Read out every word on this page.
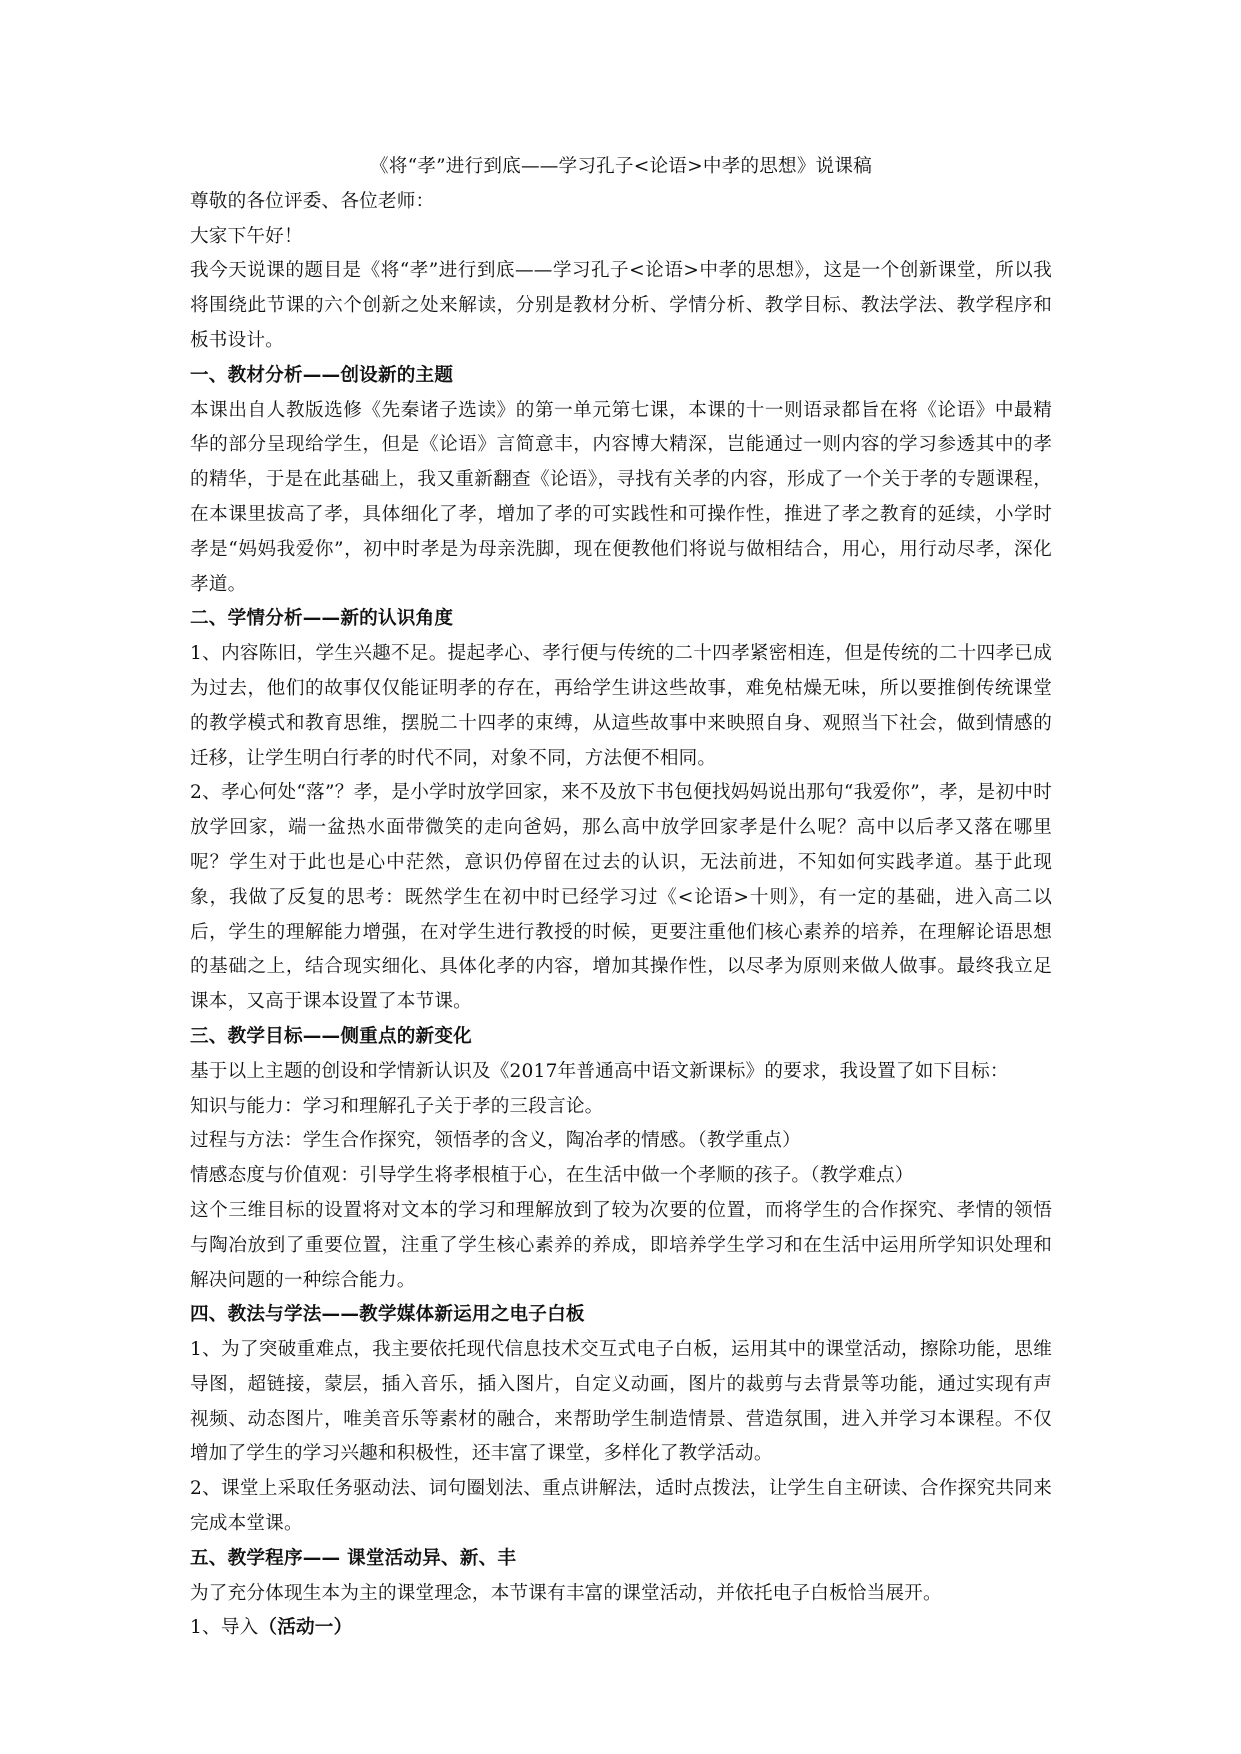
《将“孝”进行到底——学习孔子<论语>中孝的思想》说课稿

尊敬的各位评委、各位老师：

大家下午好！

我今天说课的题目是《将“孝”进行到底——学习孔子<论语>中孝的思想》，这是一个创新课堂，所以我将围绕此节课的六个创新之处来解读，分别是教材分析、学情分析、教学目标、教法学法、教学程序和板书设计。

一、教材分析——创设新的主题

本课出自人教版选修《先秦诸子选读》的第一单元第七课，本课的十一则语录都旨在将《论语》中最精华的部分呈现给学生，但是《论语》言简意丰，内容博大精深，岂能通过一则内容的学习参透其中的孝的精华，于是在此基础上，我又重新翻查《论语》，寻找有关孝的内容，形成了一个关于孝的专题课程，在本课里拔高了孝，具体细化了孝，增加了孝的可实践性和可操作性，推进了孝之教育的延续，小学时孝是“妈妈我爱你”，初中时孝是为母亲洗脚，现在便教他们将说与做相结合，用心，用行动尽孝，深化孝道。

二、学情分析——新的认识角度

1、内容陈旧，学生兴趣不足。提起孝心、孝行便与传统的二十四孝紧密相连，但是传统的二十四孝已成为过去，他们的故事仅仅能证明孝的存在，再给学生讲这些故事，难免枯燥无味，所以要推倒传统课堂的教学模式和教育思维，摆脱二十四孝的束缚，从這些故事中来映照自身、观照当下社会，做到情感的迁移，让学生明白行孝的时代不同，对象不同，方法便不相同。

2、孝心何处“落”？孝，是小学时放学回家，来不及放下书包便找妈妈说出那句“我爱你”，孝，是初中时放学回家，端一盆热水面带微笑的走向爸妈，那么高中放学回家孝是什么呢？高中以后孝又落在哪里呢？学生对于此也是心中茫然，意识仍停留在过去的认识，无法前进，不知如何实践孝道。基于此现象，我做了反复的思考：既然学生在初中时已经学习过《<论语>十则》，有一定的基础，进入高二以后，学生的理解能力增强，在对学生进行教授的时候，更要注重他们核心素养的培养，在理解论语思想的基础之上，结合现实细化、具体化孝的内容，增加其操作性，以尽孝为原则来做人做事。最终我立足课本，又高于课本设置了本节课。

三、教学目标——侧重点的新变化

基于以上主题的创设和学情新认识及《2017年普通高中语文新课标》的要求，我设置了如下目标：

知识与能力：学习和理解孔子关于孝的三段言论。

过程与方法：学生合作探究，领悟孝的含义，陶冶孝的情感。（教学重点）

情感态度与价值观：引导学生将孝根植于心，在生活中做一个孝顺的孩子。（教学难点）

这个三维目标的设置将对文本的学习和理解放到了较为次要的位置，而将学生的合作探究、孝情的领悟与陶冶放到了重要位置，注重了学生核心素养的养成，即培养学生学习和在生活中运用所学知识处理和解决问题的一种综合能力。

四、教法与学法——教学媒体新运用之电子白板

1、为了突破重难点，我主要依托现代信息技术交互式电子白板，运用其中的课堂活动，擦除功能，思维导图，超链接，蒙层，插入音乐，插入图片，自定义动画，图片的裁剪与去背景等功能，通过实现有声视频、动态图片，唯美音乐等素材的融合，来帮助学生制造情景、营造氛围，进入并学习本课程。不仅增加了学生的学习兴趣和积极性，还丰富了课堂，多样化了教学活动。

2、课堂上采取任务驱动法、词句圈划法、重点讲解法，适时点拨法，让学生自主研读、合作探究共同来完成本堂课。

五、教学程序—— 课堂活动异、新、丰

为了充分体现生本为主的课堂理念，本节课有丰富的课堂活动，并依托电子白板恰当展开。

1、导入（活动一）
